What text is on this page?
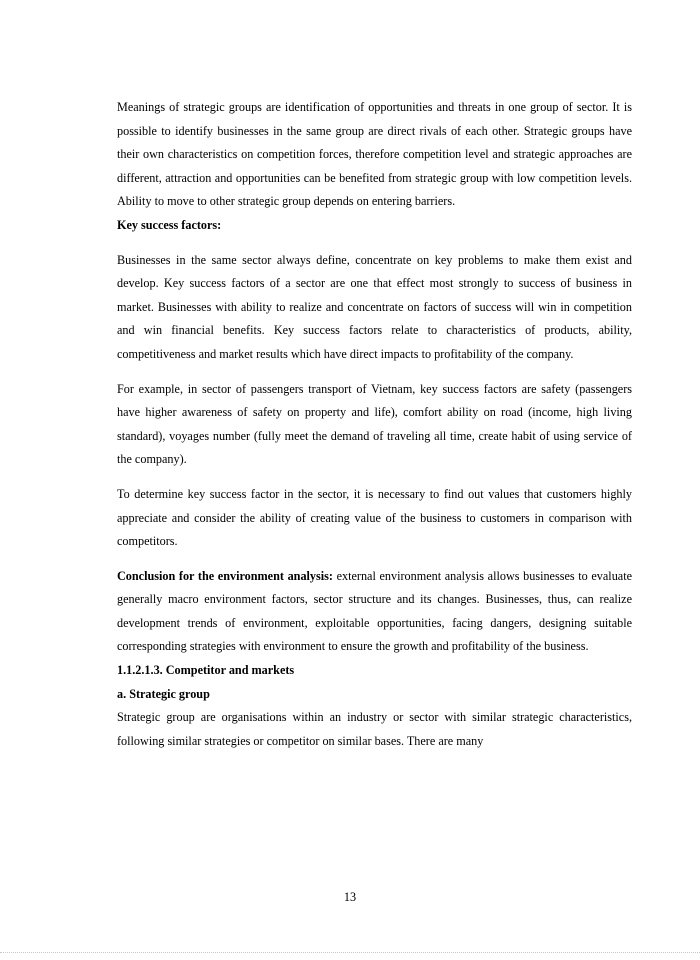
Meanings of strategic groups are identification of opportunities and threats in one group of sector. It is possible to identify businesses in the same group are direct rivals of each other. Strategic groups have their own characteristics on competition forces, therefore competition level and strategic approaches are different, attraction and opportunities can be benefited from strategic group with low competition levels. Ability to move to other strategic group depends on entering barriers.

Key success factors:

Businesses in the same sector always define, concentrate on key problems to make them exist and develop. Key success factors of a sector are one that effect most strongly to success of business in market. Businesses with ability to realize and concentrate on factors of success will win in competition and win financial benefits. Key success factors relate to characteristics of products, ability, competitiveness and market results which have direct impacts to profitability of the company.

For example, in sector of passengers transport of Vietnam, key success factors are safety (passengers have higher awareness of safety on property and life), comfort ability on road (income, high living standard), voyages number (fully meet the demand of traveling all time, create habit of using service of the company).

To determine key success factor in the sector, it is necessary to find out values that customers highly appreciate and consider the ability of creating value of the business to customers in comparison with competitors.

Conclusion for the environment analysis: external environment analysis allows businesses to evaluate generally macro environment factors, sector structure and its changes. Businesses, thus, can realize development trends of environment, exploitable opportunities, facing dangers, designing suitable corresponding strategies with environment to ensure the growth and profitability of the business.

1.1.2.1.3. Competitor and markets

a. Strategic group

Strategic group are organisations within an industry or sector with similar strategic characteristics, following similar strategies or competitor on similar bases. There are many

13
